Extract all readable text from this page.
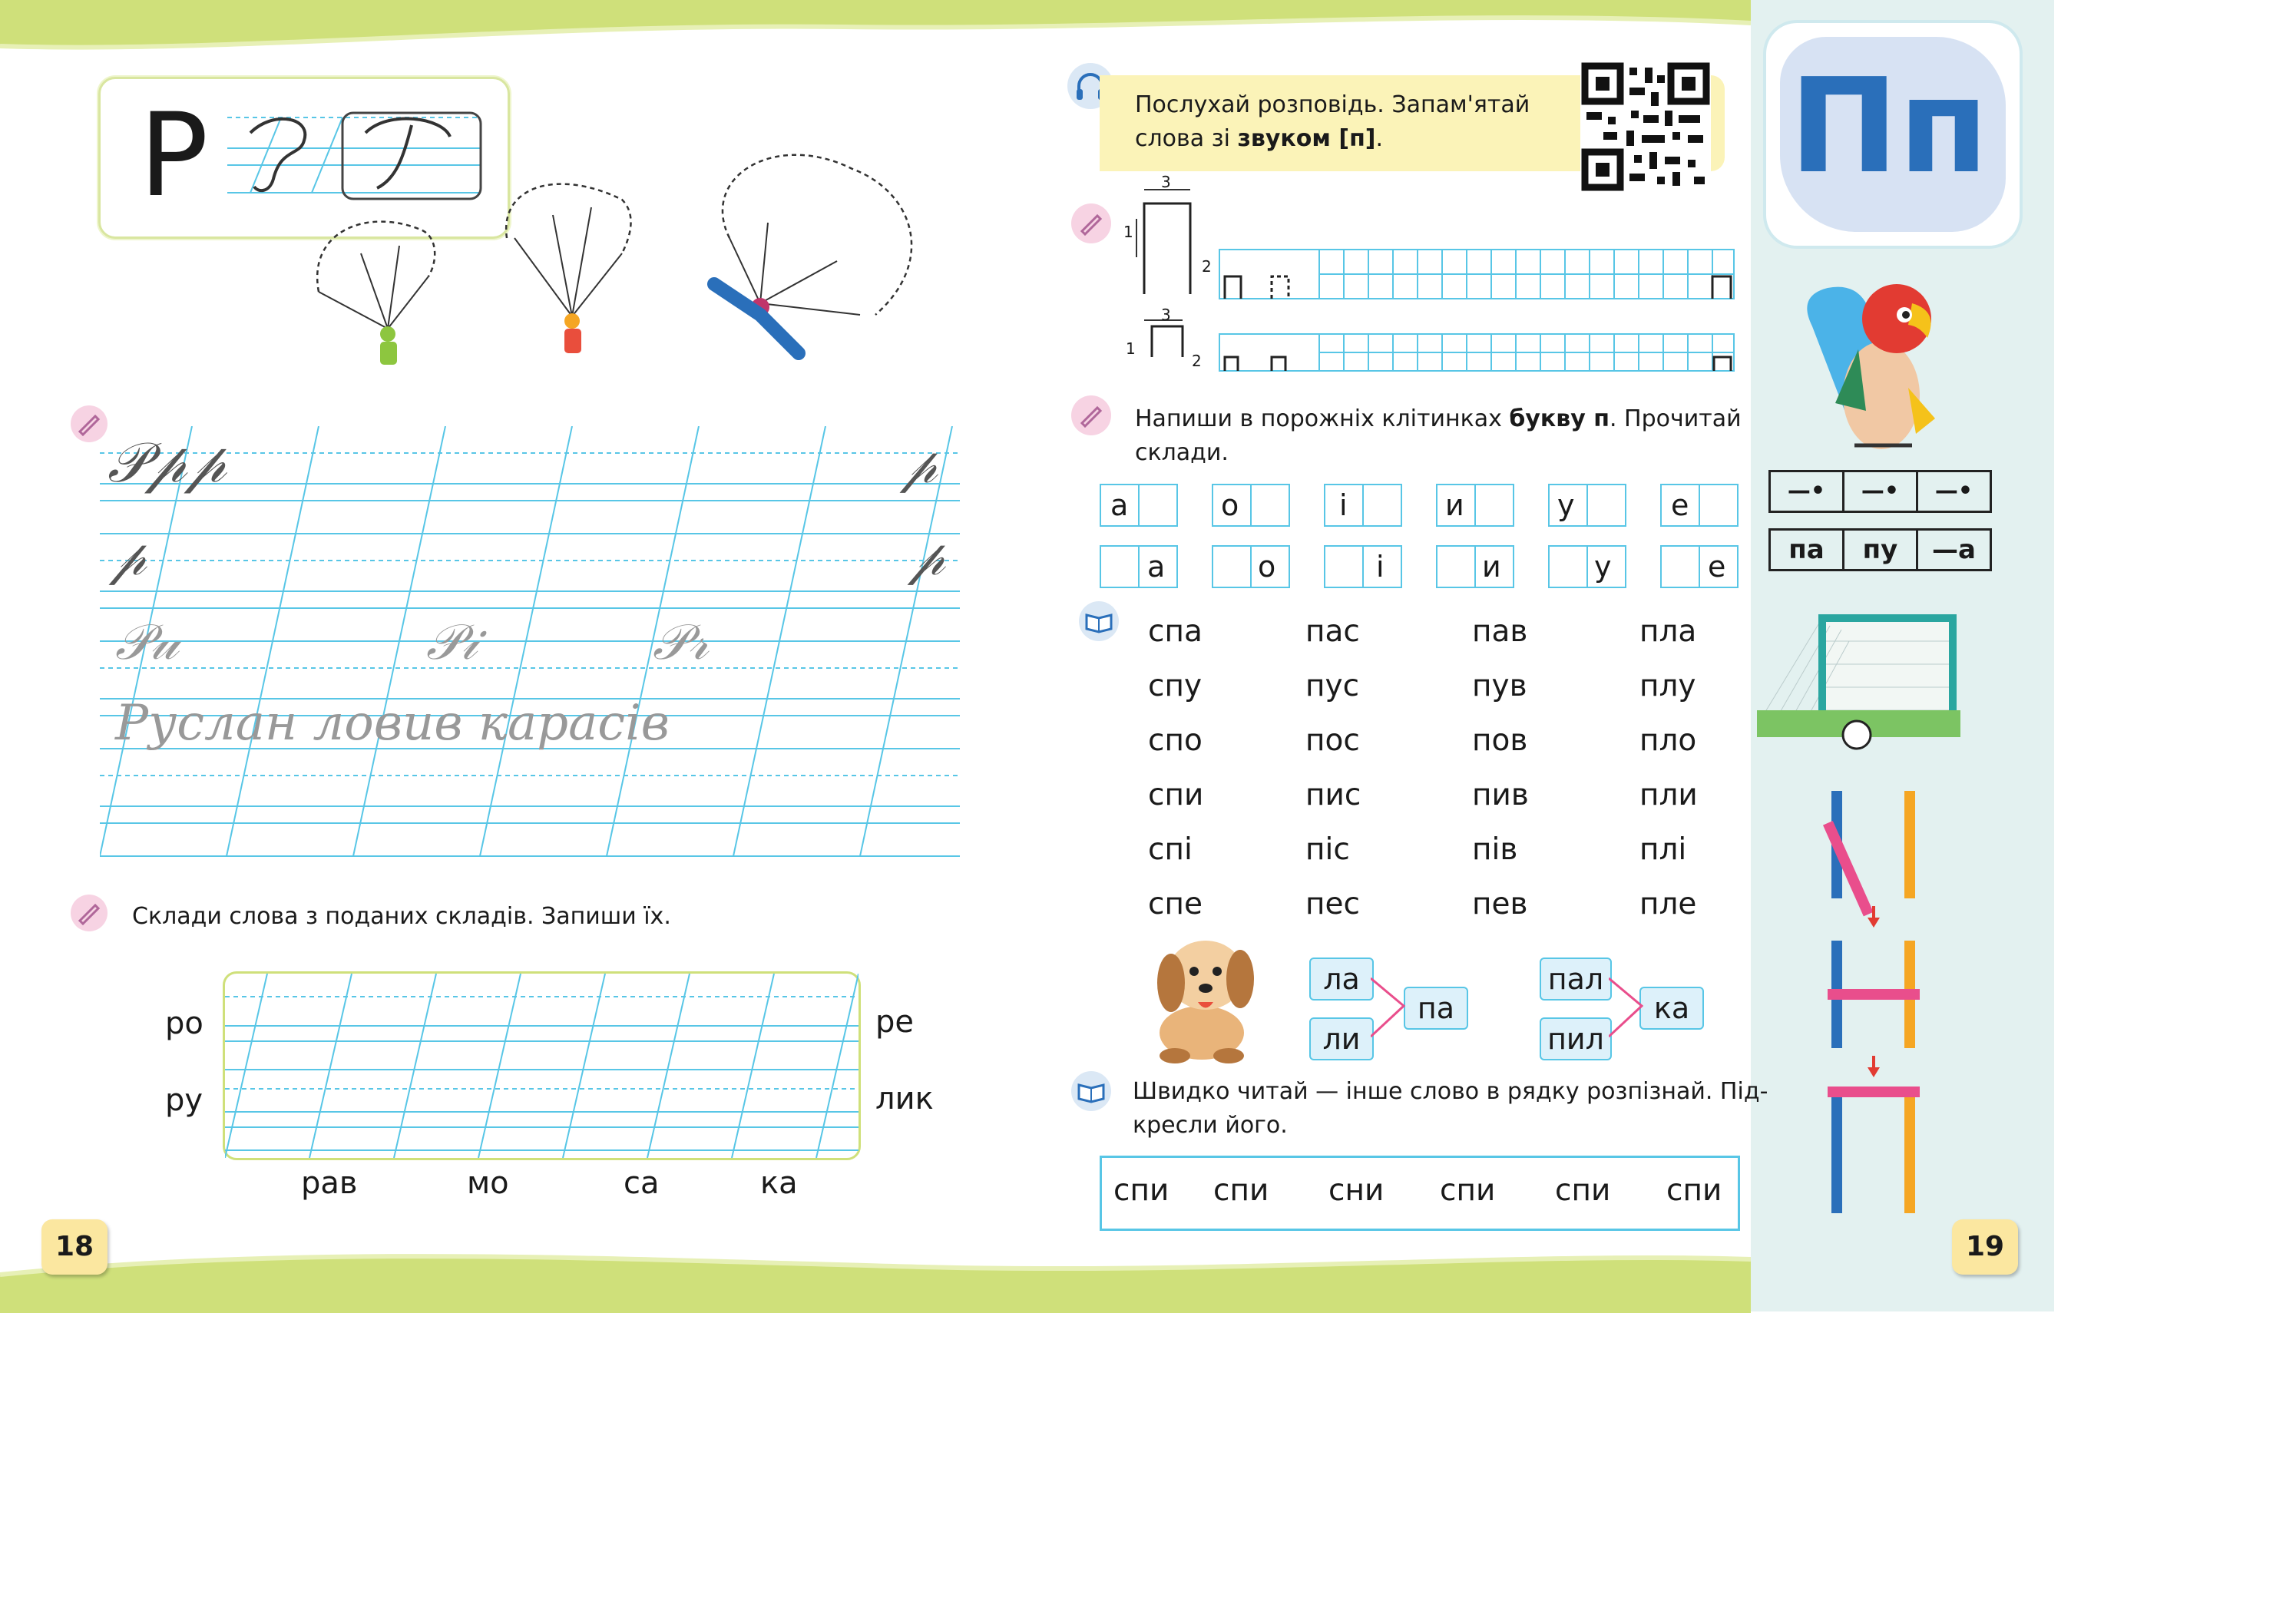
Р
𝒫𝓅𝓅	𝓅
𝓅	𝓅
𝒫𝓊	𝒫𝒾	𝒫𝓇
Руслан ловив карасів
Склади слова з поданих складів. Запиши їх.
ро
ру
ре
лик
рав	мо	са	ка
18
Послухай розповідь. Запам'ятай
слова зі звуком [п].
3
1
2
3
1
2
Напиши в порожніх клітинках букву п. Прочитай
склади.
а	о	і	и	у	е
а	о	і	и	у	е
спа	пас	пав	пла
спу	пус	пув	плу
спо	пос	пов	пло
спи	пис	пив	пли
спі	піс	пів	плі
спе	пес	пев	пле
ла
ли
па
пал
пил
ка
Швидко читай — інше слово в рядку розпізнай. Під-
кресли його.
спи спи сни спи спи спи
19
Пп
—•	—•	—•
па	пу	—а
